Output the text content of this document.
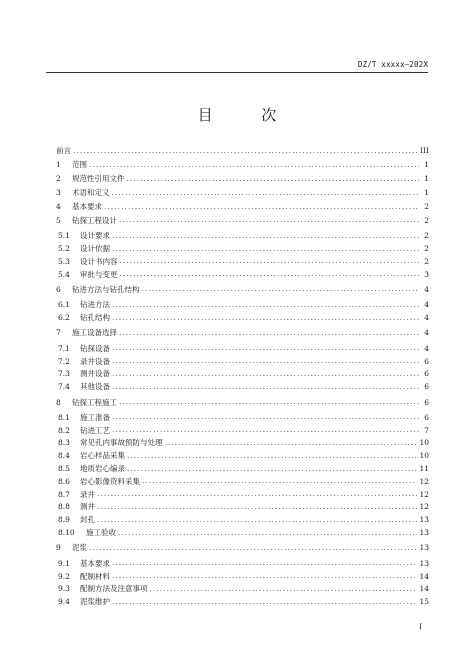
DZ/T xxxxx—202X
目 次
前言 .....	III
1	范围 .....	1
2	规范性引用文件 .....	1
3	术语和定义 .....	1
4	基本要求 .....	2
5	钻探工程设计 .....	2
5.1	设计要求 .....	2
5.2	设计依据 .....	2
5.3	设计书内容 .....	2
5.4	审批与变更 .....	3
6	钻进方法与钻孔结构 .....	4
6.1	钻进方法 .....	4
6.2	钻孔结构 .....	4
7	施工设备选择 .....	4
7.1	钻探设备 .....	4
7.2	录井设备 .....	6
7.3	测井设备 .....	6
7.4	其他设备 .....	6
8	钻探工程施工 .....	6
8.1	施工准备 .....	6
8.2	钻进工艺 .....	7
8.3	常见孔内事故预防与处理 .....	10
8.4	岩心样品采集 .....	10
8.5	地质岩心编录 .....	11
8.6	岩心影像资料采集 .....	12
8.7	录井 .....	12
8.8	测井 .....	12
8.9	封孔 .....	13
8.10	施工验收 .....	13
9	泥浆 .....	13
9.1	基本要求 .....	13
9.2	配制材料 .....	14
9.3	配制方法及注意事项 .....	14
9.4	泥浆维护 .....	15
I
